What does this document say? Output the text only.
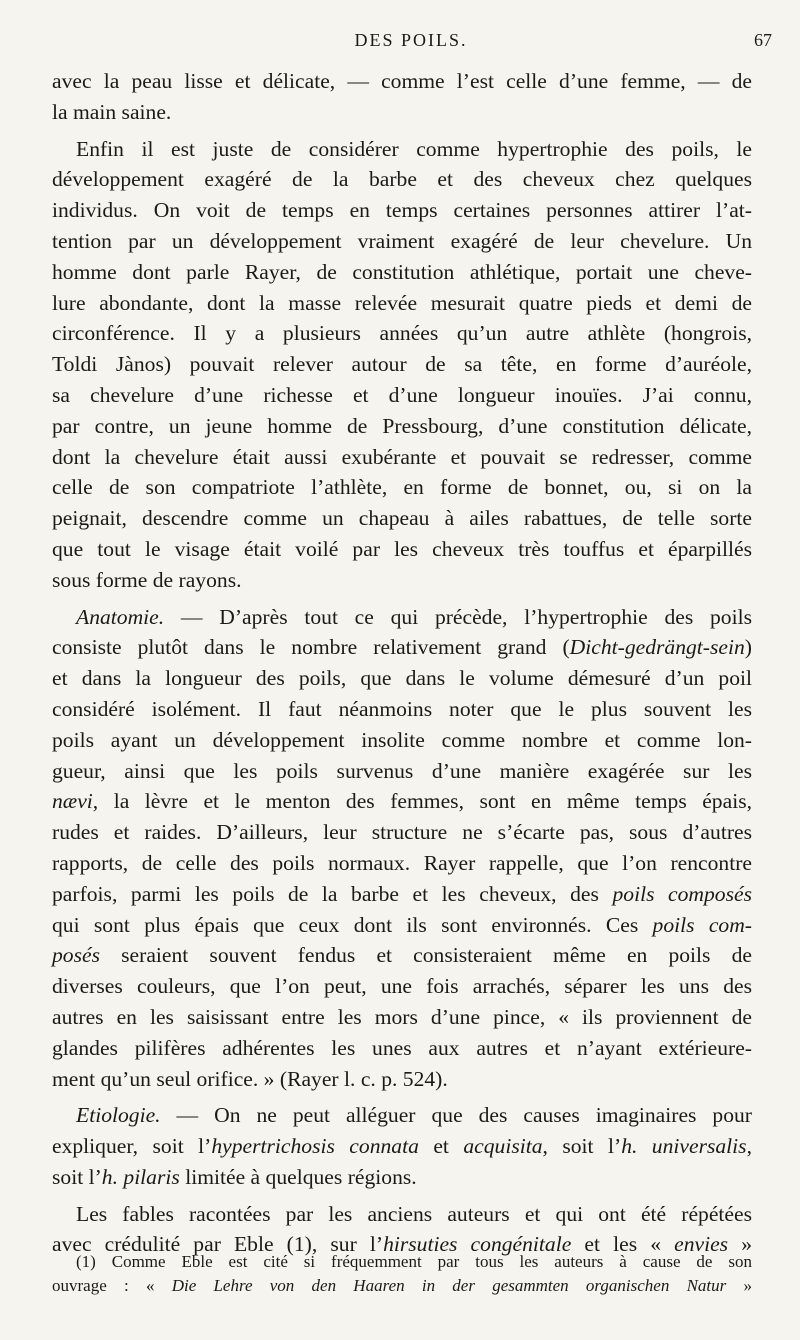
DES POILS.	67

avec la peau lisse et délicate, — comme l’est celle d’une femme, — de
la main saine.

Enfin il est juste de considérer comme hypertrophie des poils, le
développement exagéré de la barbe et des cheveux chez quelques
individus. On voit de temps en temps certaines personnes attirer l’at-
tention par un développement vraiment exagéré de leur chevelure. Un
homme dont parle Rayer, de constitution athlétique, portait une cheve-
lure abondante, dont la masse relevée mesurait quatre pieds et demi de
circonférence. Il y a plusieurs années qu’un autre athlète (hongrois,
Toldi Jànos) pouvait relever autour de sa tête, en forme d’auréole,
sa chevelure d’une richesse et d’une longueur inouïes. J’ai connu,
par contre, un jeune homme de Pressbourg, d’une constitution délicate,
dont la chevelure était aussi exubérante et pouvait se redresser, comme
celle de son compatriote l’athlète, en forme de bonnet, ou, si on la
peignait, descendre comme un chapeau à ailes rabattues, de telle sorte
que tout le visage était voilé par les cheveux très touffus et éparpillés
sous forme de rayons.

Anatomie. — D’après tout ce qui précède, l’hypertrophie des poils
consiste plutôt dans le nombre relativement grand (Dicht-gedrängt-sein)
et dans la longueur des poils, que dans le volume démesuré d’un poil
considéré isolément. Il faut néanmoins noter que le plus souvent les
poils ayant un développement insolite comme nombre et comme lon-
gueur, ainsi que les poils survenus d’une manière exagérée sur les
nævi, la lèvre et le menton des femmes, sont en même temps épais,
rudes et raides. D’ailleurs, leur structure ne s’écarte pas, sous d’autres
rapports, de celle des poils normaux. Rayer rappelle, que l’on rencontre
parfois, parmi les poils de la barbe et les cheveux, des poils composés
qui sont plus épais que ceux dont ils sont environnés. Ces poils com-
posés seraient souvent fendus et consisteraient même en poils de
diverses couleurs, que l’on peut, une fois arrachés, séparer les uns des
autres en les saisissant entre les mors d’une pince, « ils proviennent de
glandes pilifères adhérentes les unes aux autres et n’ayant extérieure-
ment qu’un seul orifice. » (Rayer l. c. p. 524).

Etiologie. — On ne peut alléguer que des causes imaginaires pour
expliquer, soit l’hypertrichosis connata et acquisita, soit l’h. universalis,
soit l’h. pilaris limitée à quelques régions.

Les fables racontées par les anciens auteurs et qui ont été répétées
avec crédulité par Eble (1), sur l’hirsuties congénitale et les « envies »

(1) Comme Eble est cité si fréquemment par tous les auteurs à cause de son
ouvrage : « Die Lehre von den Haaren in der gesammten organischen Natur »
